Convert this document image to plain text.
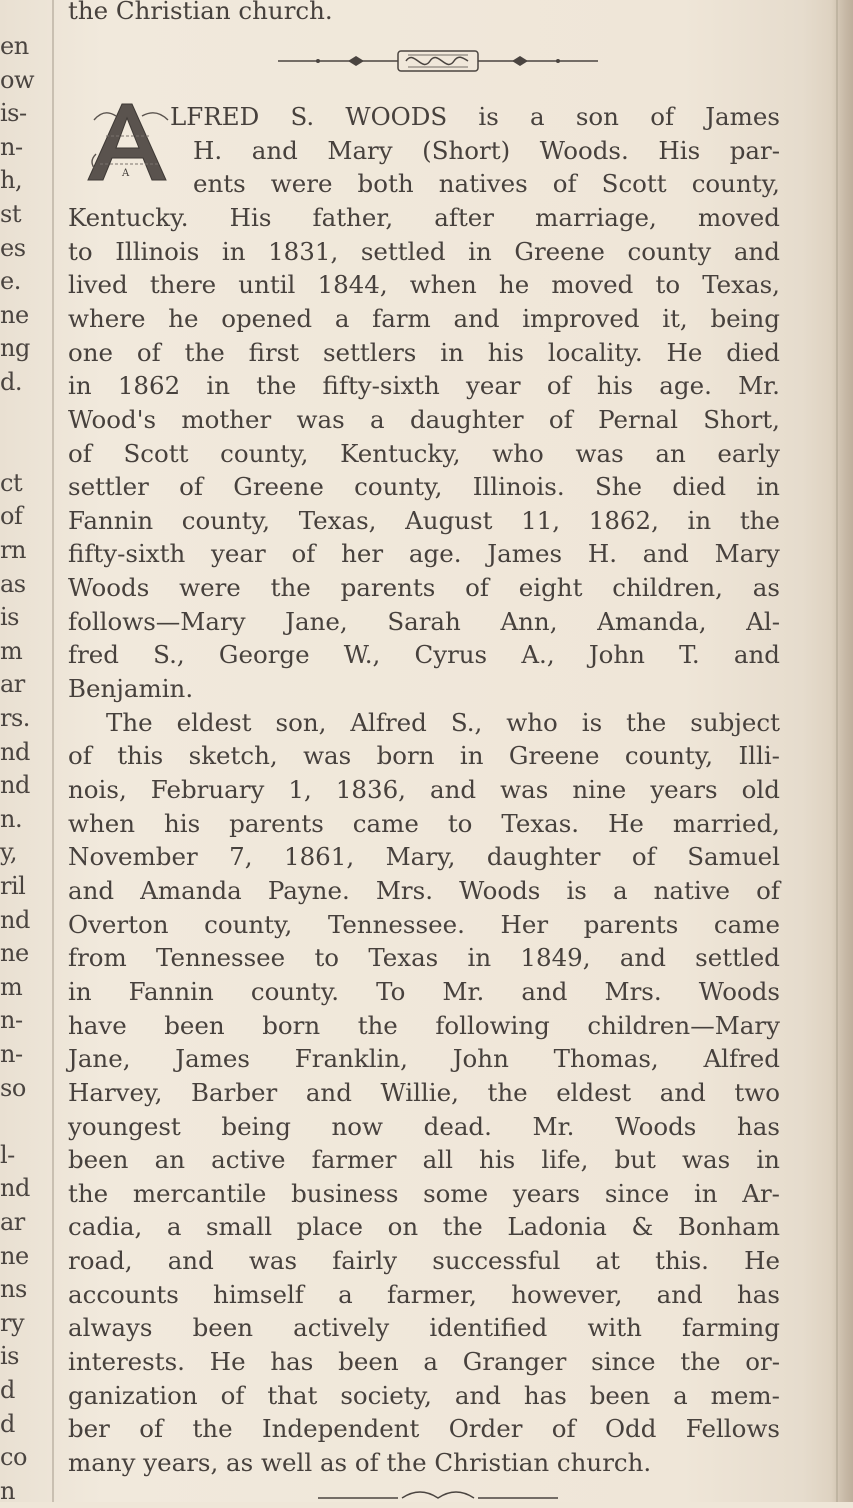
en
ow
is-
n-
h,
st
es
e.
ne
ng
d.
ct
of
rn
as
is
m
ar
rs.
nd
nd
n.
y,
ril
nd
ne
m
n-
n-
so
l-
nd
ar
ne
ns
ry
is
d
d
co
n
the Christian church.
A
LFRED S. WOODS is a son of James
H. and Mary (Short) Woods. His par-
ents were both natives of Scott county,
Kentucky. His father, after marriage, moved
to Illinois in 1831, settled in Greene county and
lived there until 1844, when he moved to Texas,
where he opened a farm and improved it, being
one of the first settlers in his locality. He died
in 1862 in the fifty-sixth year of his age. Mr.
Wood's mother was a daughter of Pernal Short,
of Scott county, Kentucky, who was an early
settler of Greene county, Illinois. She died in
Fannin county, Texas, August 11, 1862, in the
fifty-sixth year of her age. James H. and Mary
Woods were the parents of eight children, as
follows—Mary Jane, Sarah Ann, Amanda, Al-
fred S., George W., Cyrus A., John T. and
Benjamin.
The eldest son, Alfred S., who is the subject
of this sketch, was born in Greene county, Illi-
nois, February 1, 1836, and was nine years old
when his parents came to Texas. He married,
November 7, 1861, Mary, daughter of Samuel
and Amanda Payne. Mrs. Woods is a native of
Overton county, Tennessee. Her parents came
from Tennessee to Texas in 1849, and settled
in Fannin county. To Mr. and Mrs. Woods
have been born the following children—Mary
Jane, James Franklin, John Thomas, Alfred
Harvey, Barber and Willie, the eldest and two
youngest being now dead. Mr. Woods has
been an active farmer all his life, but was in
the mercantile business some years since in Ar-
cadia, a small place on the Ladonia & Bonham
road, and was fairly successful at this. He
accounts himself a farmer, however, and has
always been actively identified with farming
interests. He has been a Granger since the or-
ganization of that society, and has been a mem-
ber of the Independent Order of Odd Fellows
many years, as well as of the Christian church.
